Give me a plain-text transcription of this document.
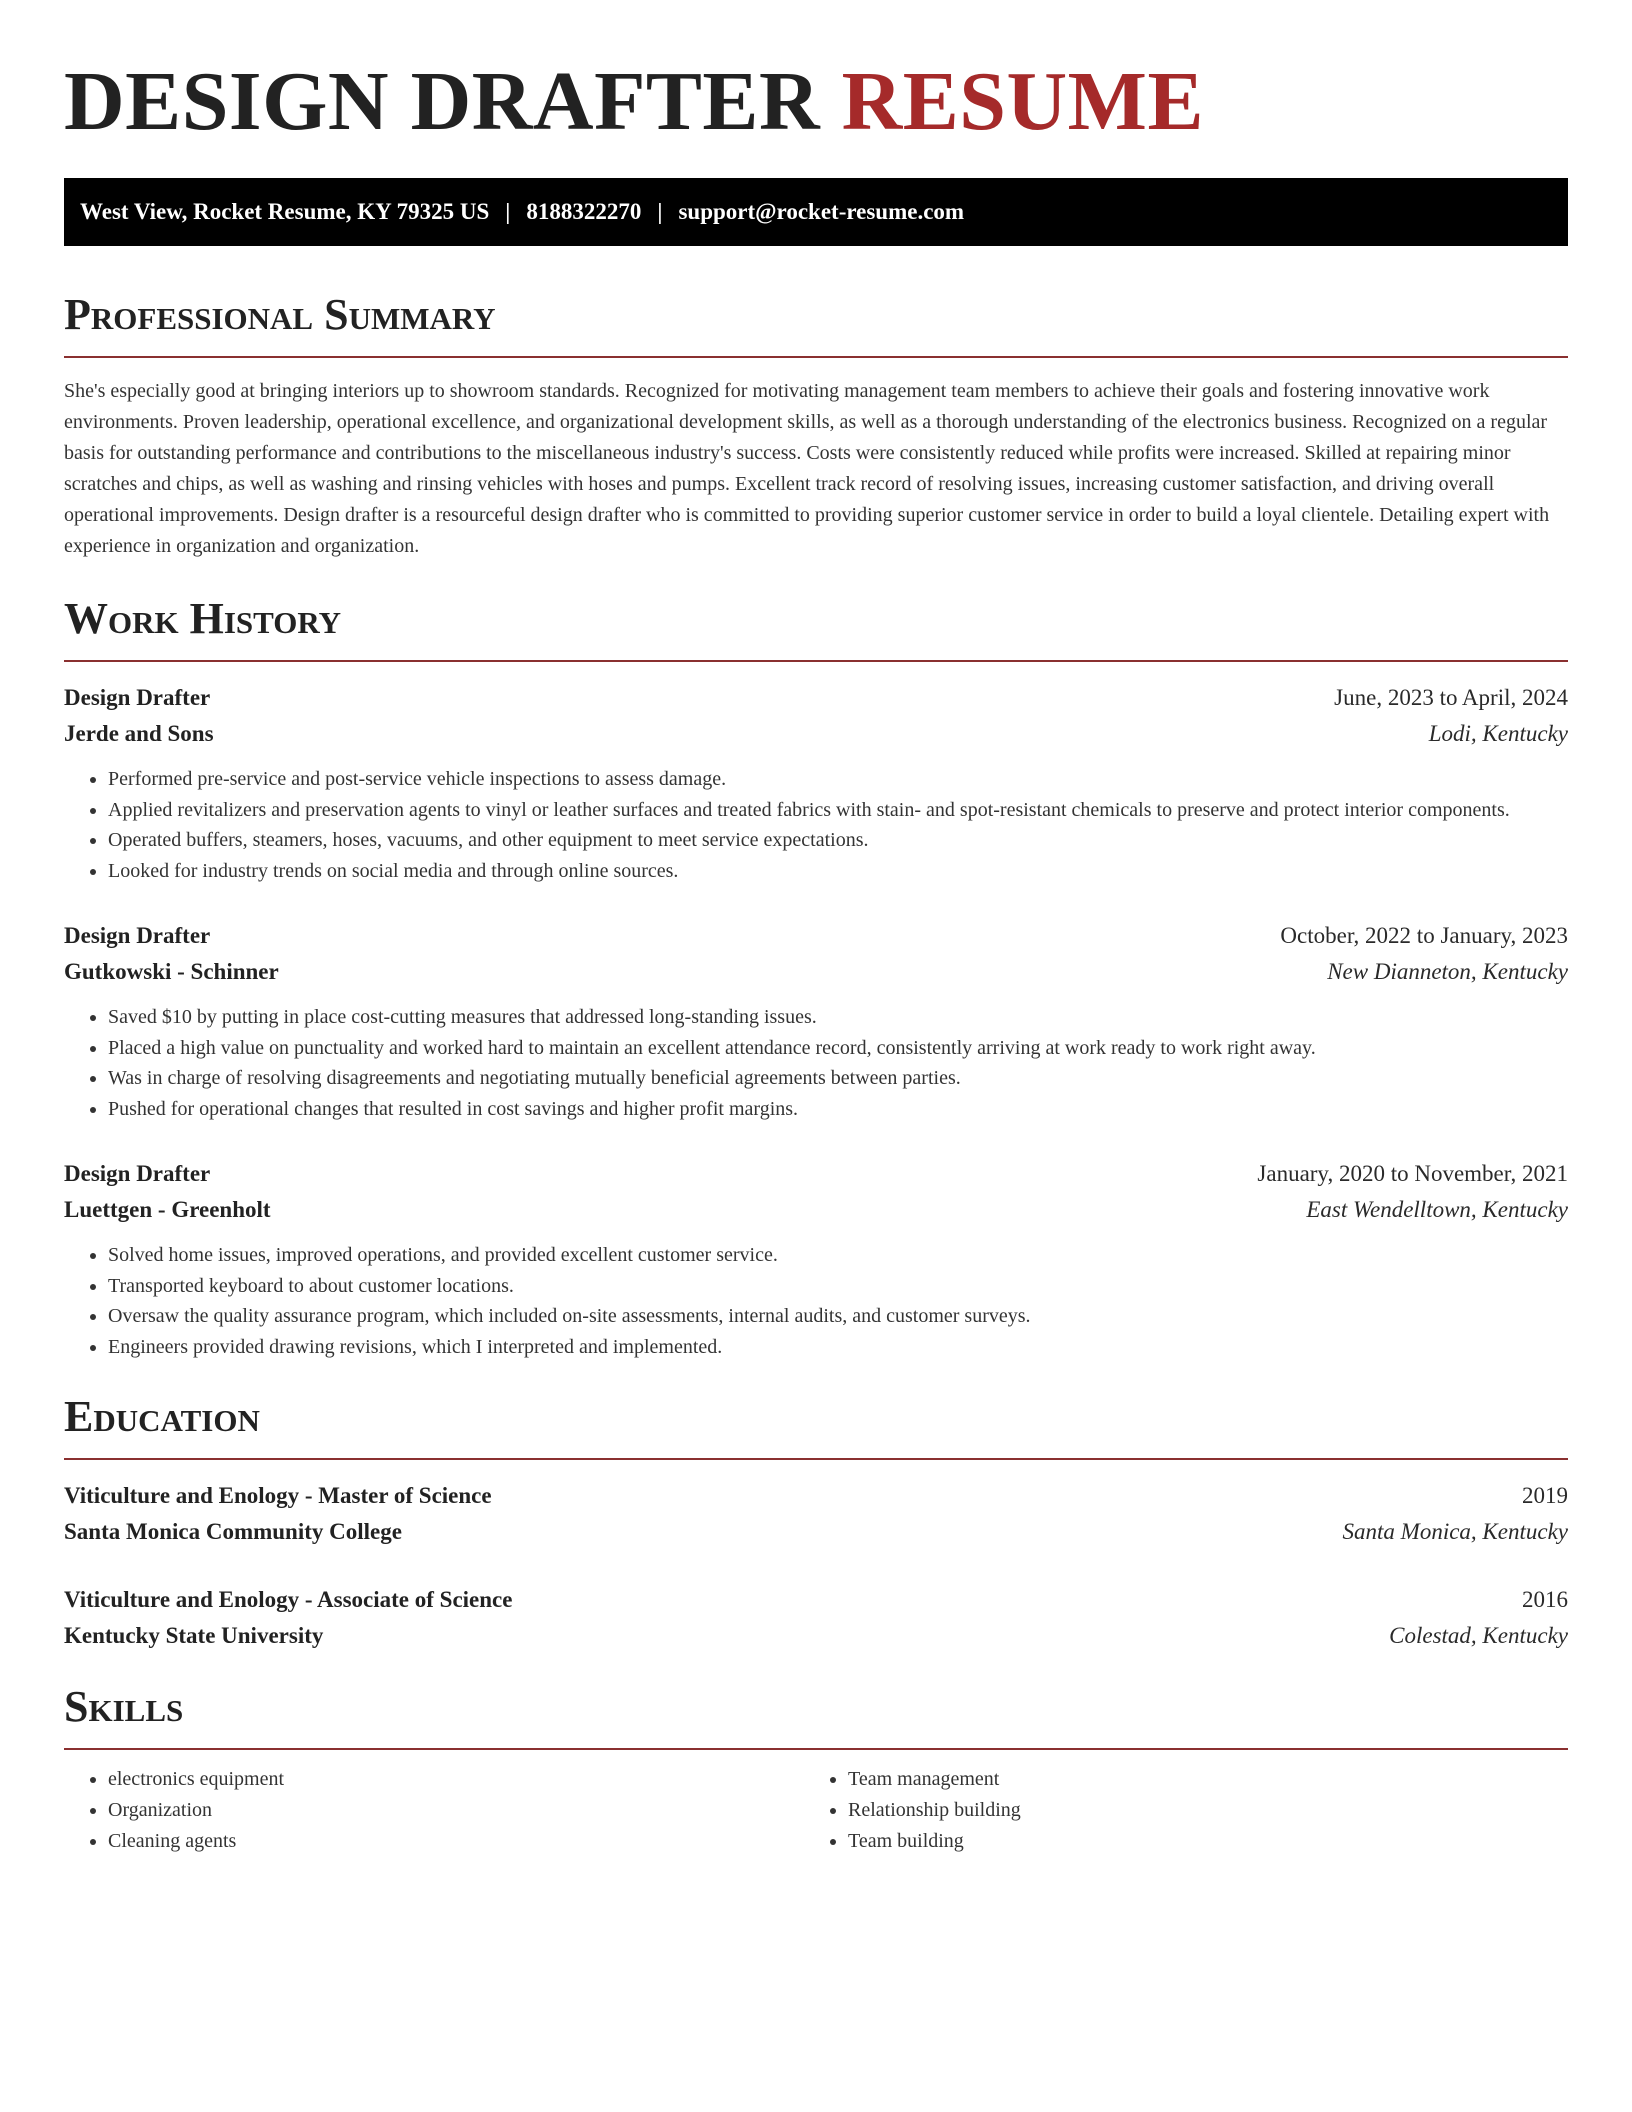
DESIGN DRAFTER RESUME
West View, Rocket Resume, KY 79325 US | 8188322270 | support@rocket-resume.com
Professional Summary

She's especially good at bringing interiors up to showroom standards. Recognized for motivating management team members to achieve their goals and fostering innovative work environments. Proven leadership, operational excellence, and organizational development skills, as well as a thorough understanding of the electronics business. Recognized on a regular basis for outstanding performance and contributions to the miscellaneous industry's success. Costs were consistently reduced while profits were increased. Skilled at repairing minor scratches and chips, as well as washing and rinsing vehicles with hoses and pumps. Excellent track record of resolving issues, increasing customer satisfaction, and driving overall operational improvements. Design drafter is a resourceful design drafter who is committed to providing superior customer service in order to build a loyal clientele. Detailing expert with experience in organization and organization.

Work History
Design Drafter	June, 2023 to April, 2024
Jerde and Sons	Lodi, Kentucky
• Performed pre-service and post-service vehicle inspections to assess damage.
• Applied revitalizers and preservation agents to vinyl or leather surfaces and treated fabrics with stain- and spot-resistant chemicals to preserve and protect interior components.
• Operated buffers, steamers, hoses, vacuums, and other equipment to meet service expectations.
• Looked for industry trends on social media and through online sources.
Design Drafter	October, 2022 to January, 2023
Gutkowski - Schinner	New Dianneton, Kentucky
• Saved $10 by putting in place cost-cutting measures that addressed long-standing issues.
• Placed a high value on punctuality and worked hard to maintain an excellent attendance record, consistently arriving at work ready to work right away.
• Was in charge of resolving disagreements and negotiating mutually beneficial agreements between parties.
• Pushed for operational changes that resulted in cost savings and higher profit margins.
Design Drafter	January, 2020 to November, 2021
Luettgen - Greenholt	East Wendelltown, Kentucky
• Solved home issues, improved operations, and provided excellent customer service.
• Transported keyboard to about customer locations.
• Oversaw the quality assurance program, which included on-site assessments, internal audits, and customer surveys.
• Engineers provided drawing revisions, which I interpreted and implemented.
Education
Viticulture and Enology - Master of Science	2019
Santa Monica Community College	Santa Monica, Kentucky
Viticulture and Enology - Associate of Science	2016
Kentucky State University	Colestad, Kentucky
Skills
• electronics equipment
• Organization
• Cleaning agents
• Team management
• Relationship building
• Team building
